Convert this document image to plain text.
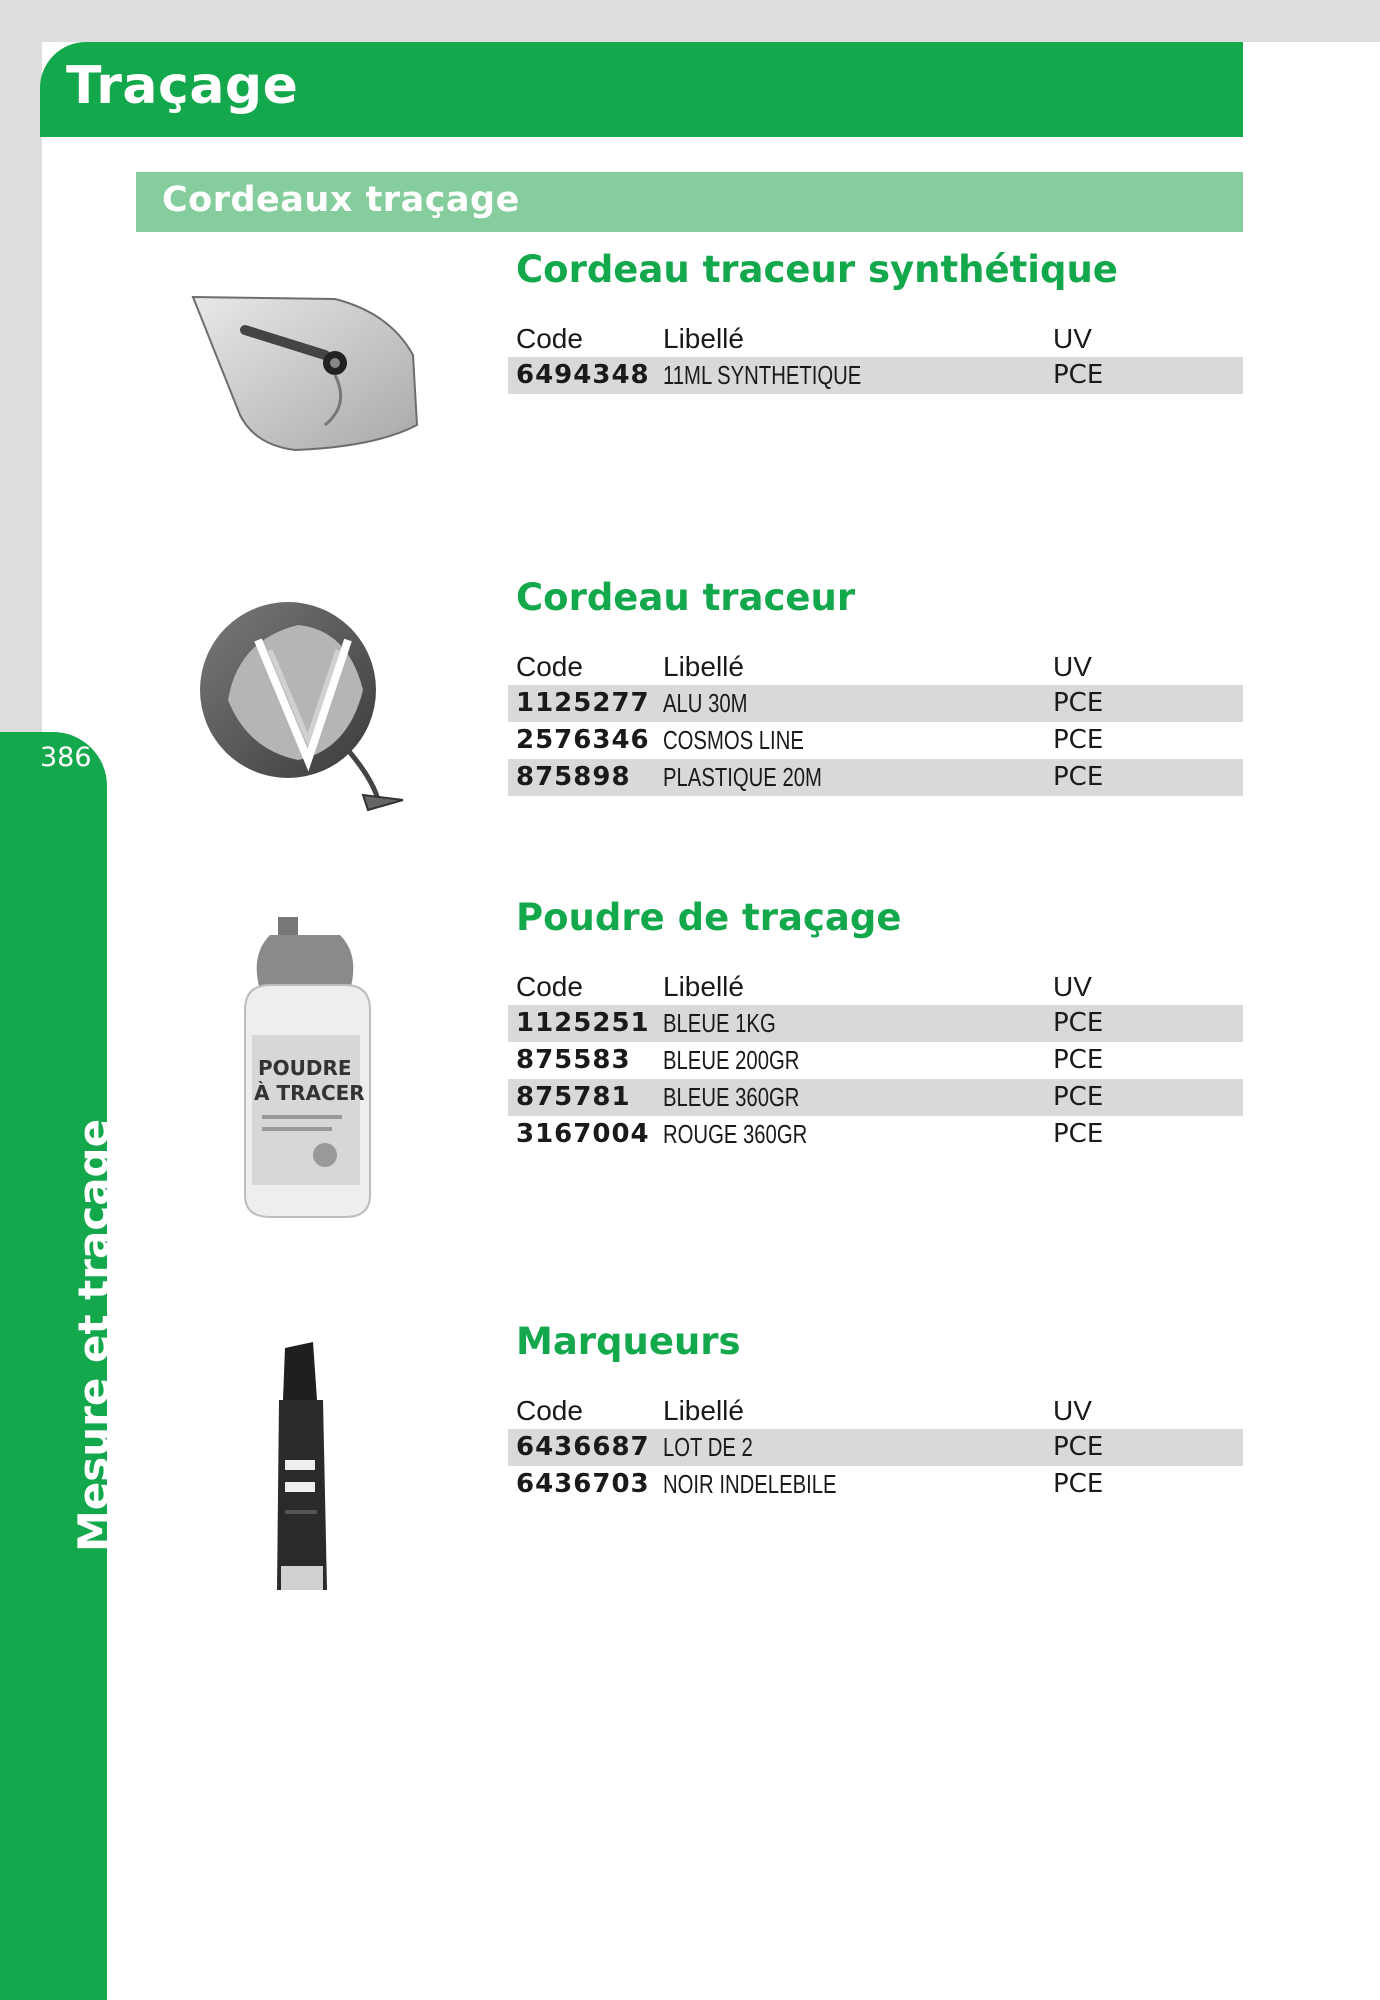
Traçage
386
Mesure et traçage
Cordeaux traçage
POUDRE
À TRACER
Cordeau traceur synthétique
Code	Libellé	UV
6494348 11ML SYNTHETIQUE	PCE
Cordeau traceur
Code	Libellé	UV
1125277 ALU 30M	PCE
2576346 COSMOS LINE	PCE
875898 PLASTIQUE 20M	PCE
Poudre de traçage
Code	Libellé	UV
1125251 BLEUE 1KG	PCE
875583 BLEUE 200GR	PCE
875781 BLEUE 360GR	PCE
3167004 ROUGE 360GR	PCE
Marqueurs
Code	Libellé	UV
6436687 LOT DE 2	PCE
6436703 NOIR INDELEBILE	PCE
